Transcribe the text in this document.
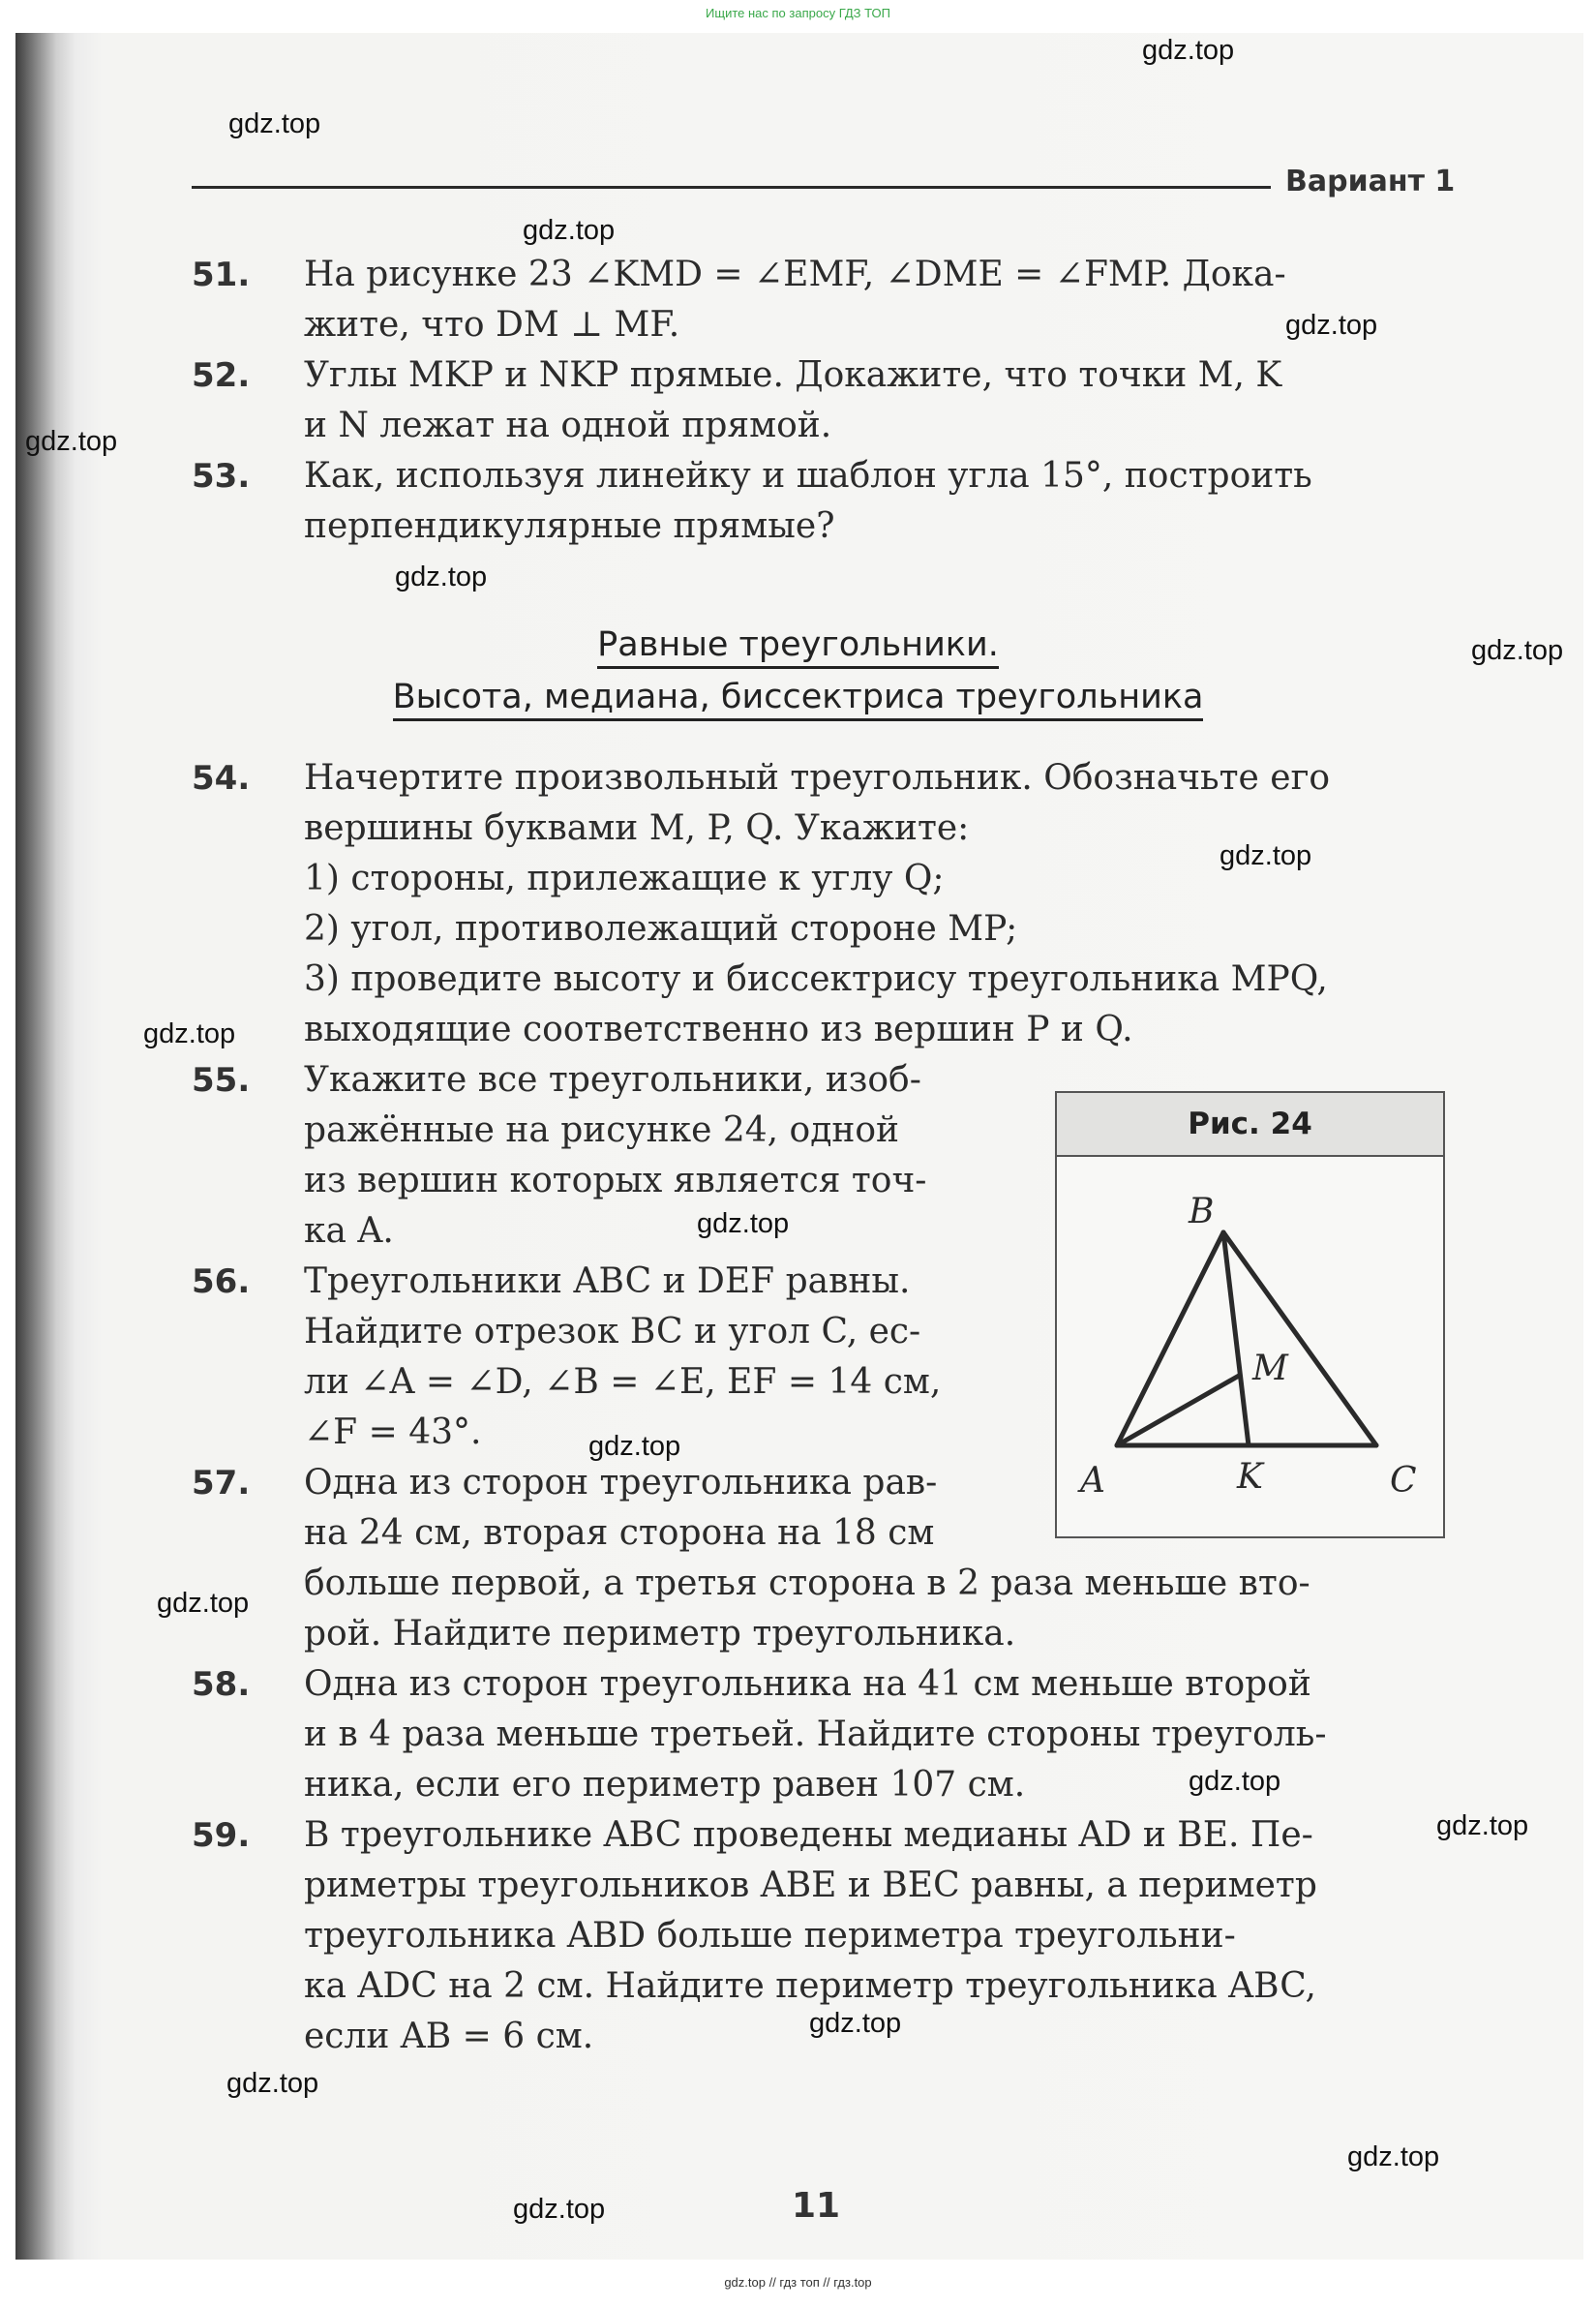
Ищите нас по запросу ГДЗ ТОП
gdz.top
gdz.top
gdz.top
gdz.top
gdz.top
gdz.top
gdz.top
gdz.top
gdz.top
gdz.top
gdz.top
gdz.top
gdz.top
gdz.top
gdz.top
gdz.top
gdz.top
gdz.top
Вариант 1
51. На рисунке 23 ∠KMD = ∠EMF, ∠DME = ∠FMP. Дока-

жите, что DM ⊥ MF.

52. Углы MKP и NKP прямые. Докажите, что точки M, K

и N лежат на одной прямой.

53. Как, используя линейку и шаблон угла 15°, построить

перпендикулярные прямые?

Равные треугольники.
Высота, медиана, биссектриса треугольника
54. Начертите произвольный треугольник. Обозначьте его

вершины буквами M, P, Q. Укажите:

1) стороны, прилежащие к углу Q;

2) угол, противолежащий стороне MP;

3) проведите высоту и биссектрису треугольника MPQ,

выходящие соответственно из вершин P и Q.

55. Укажите все треугольники, изоб-

ражённые на рисунке 24, одной

из вершин которых является точ-

ка A.

56. Треугольники ABC и DEF равны.

Найдите отрезок BC и угол C, ес-

ли ∠A = ∠D, ∠B = ∠E, EF = 14 см,

∠F = 43°.

57. Одна из сторон треугольника рав-

на 24 см, вторая сторона на 18 см

больше первой, а третья сторона в 2 раза меньше вто-

рой. Найдите периметр треугольника.

58. Одна из сторон треугольника на 41 см меньше второй

и в 4 раза меньше третьей. Найдите стороны треуголь-

ника, если его периметр равен 107 см.

59. В треугольнике ABC проведены медианы AD и BE. Пе-

риметры треугольников ABE и BEC равны, а периметр

треугольника ABD больше периметра треугольни-

ка ADC на 2 см. Найдите периметр треугольника ABC,

если AB = 6 см.

Рис. 24
B
M
A	K	C
11
gdz.top // гдз топ // гдз.top
